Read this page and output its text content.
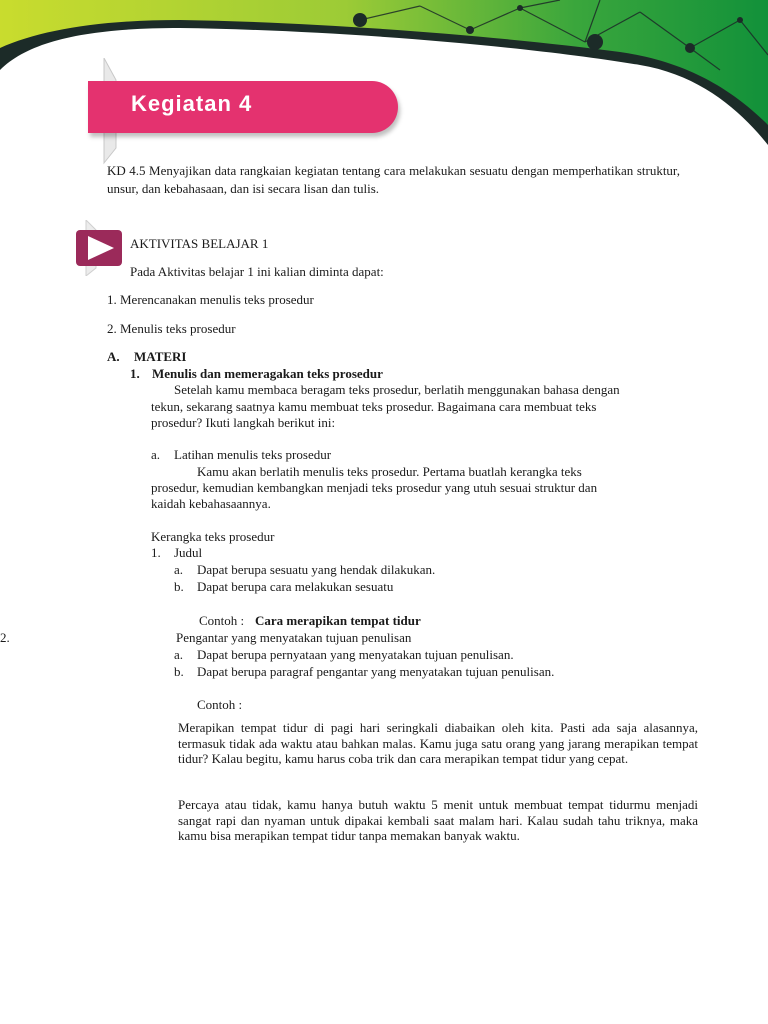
Kegiatan 4
KD 4.5 Menyajikan data rangkaian kegiatan tentang cara melakukan sesuatu dengan memperhatikan struktur, unsur, dan kebahasaan, dan isi secara lisan dan tulis.
AKTIVITAS BELAJAR 1
Pada Aktivitas belajar 1 ini kalian diminta dapat:
1. Merencanakan menulis teks prosedur
2. Menulis teks prosedur
A. MATERI
1. Menulis dan memeragakan teks prosedur
Setelah kamu membaca beragam teks prosedur, berlatih menggunakan bahasa dengan
tekun, sekarang saatnya kamu membuat teks prosedur. Bagaimana cara membuat teks
prosedur? Ikuti langkah berikut ini:
a. Latihan menulis teks prosedur
Kamu akan berlatih menulis teks prosedur. Pertama buatlah kerangka teks
prosedur, kemudian kembangkan menjadi teks prosedur yang utuh sesuai struktur dan
kaidah kebahasaannya.
Kerangka teks prosedur
1. Judul
a. Dapat berupa sesuatu yang hendak dilakukan.
b. Dapat berupa cara melakukan sesuatu
Contoh : Cara merapikan tempat tidur
2.	Pengantar yang menyatakan tujuan penulisan
a. Dapat berupa pernyataan yang menyatakan tujuan penulisan.
b. Dapat berupa paragraf pengantar yang menyatakan tujuan penulisan.
Contoh :
Merapikan tempat tidur di pagi hari seringkali diabaikan oleh kita. Pasti ada saja alasannya, termasuk tidak ada waktu atau bahkan malas. Kamu juga satu orang yang jarang merapikan tempat tidur? Kalau begitu, kamu harus coba trik dan cara merapikan tempat tidur yang cepat.
Percaya atau tidak, kamu hanya butuh waktu 5 menit untuk membuat tempat tidurmu menjadi sangat rapi dan nyaman untuk dipakai kembali saat malam hari. Kalau sudah tahu triknya, maka kamu bisa merapikan tempat tidur tanpa memakan banyak waktu.
